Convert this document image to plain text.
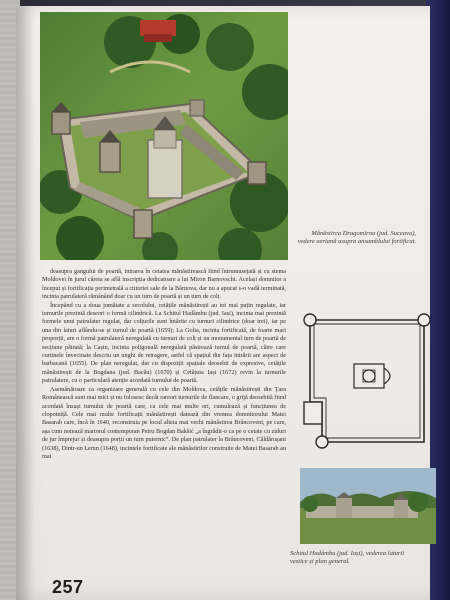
Mănăstirea Dragomirna (jud. Suceava), vedere aeriană asupra ansamblului fortificat.

deasupra gangului de poartă, intrarea în cetatea mănăstirească fiind întrumusețată și cu stema Moldovei în jurul căreia se află inscripția dedicatoare a lui Miron Barnovschi. Același domnitor a început și fortificația perimetrală a ctitoriei sale de la Bârnova, dar nu a apucat s-o vadă terminată, incinta patrulateră rămânând doar cu un turn de poartă și un turn de colț.

Începând cu a doua jumătate a secolului, cetățile mănăstirești au tot mai puțin regulate, iar turnurile prezintă deseori o formă cilindrică. La Schitul Hadâmbu (jud. Iași), incinta mai prezintă formele unui patrulater regulat, dar colțurile sunt întărite cu turnuri cilindrice (doar trei), iar pe una din laturi aflându-se și turnul de poartă (1659); La Golia, incinta fortificată, de foarte mari proporții, are o formă patrulateră neregulată cu turnuri de colț și un monumental turn de poartă de secțiune pătrată; la Cașin, incinta poligonală neregulată păstrează turnul de poartă, către care curtinele învecinate descriu un unghi de retragere, astfel că spațiul din fața intrării are aspect de barbacană (1655). De plan neregulat, dar cu dispoziții spațiale deosebit de expresive, cetățile mănăstirești de la Bogdana (jud. Bacău) (1670) și Cetățuia Iași (1672) revin la turnurile patrulatere, cu o particulară atenție acordată turnului de poartă.

Asemănătoare ca organizare generală cu cele din Moldova, cetățile mănăstirești din Țara Românească sunt mai mici și nu folosesc decât rareori turnurile de flancare, o grijă deosebită fiind acordată însuși turnului de poartă care, ca cele mai multe ori, cumulează și funcțiunea de clopotniță. Cele mai multe fortificații mănăstirești datează din vremea domnitorului Matei Basarab care, încă în 1640, reconstruia pe locul alteia mai vechi mănăstirea Brâncoveni, pe care, așa cum notează martorul contemporan Petru Bogdan Bakšić „a îngrădit-o ca pe o cetate cu ziduri de jur împrejur și deasupra porții un turn puternic”. De plan patrulater la Brâncoveni, Căldărușani (1638), Dintr-un Lemn (1648), incintele fortificate ale mănăstirilor construite de Matei Basarab au mai

Schitul Hadâmbu (jud. Iași), vederea laturii vestice și plan general.
257
